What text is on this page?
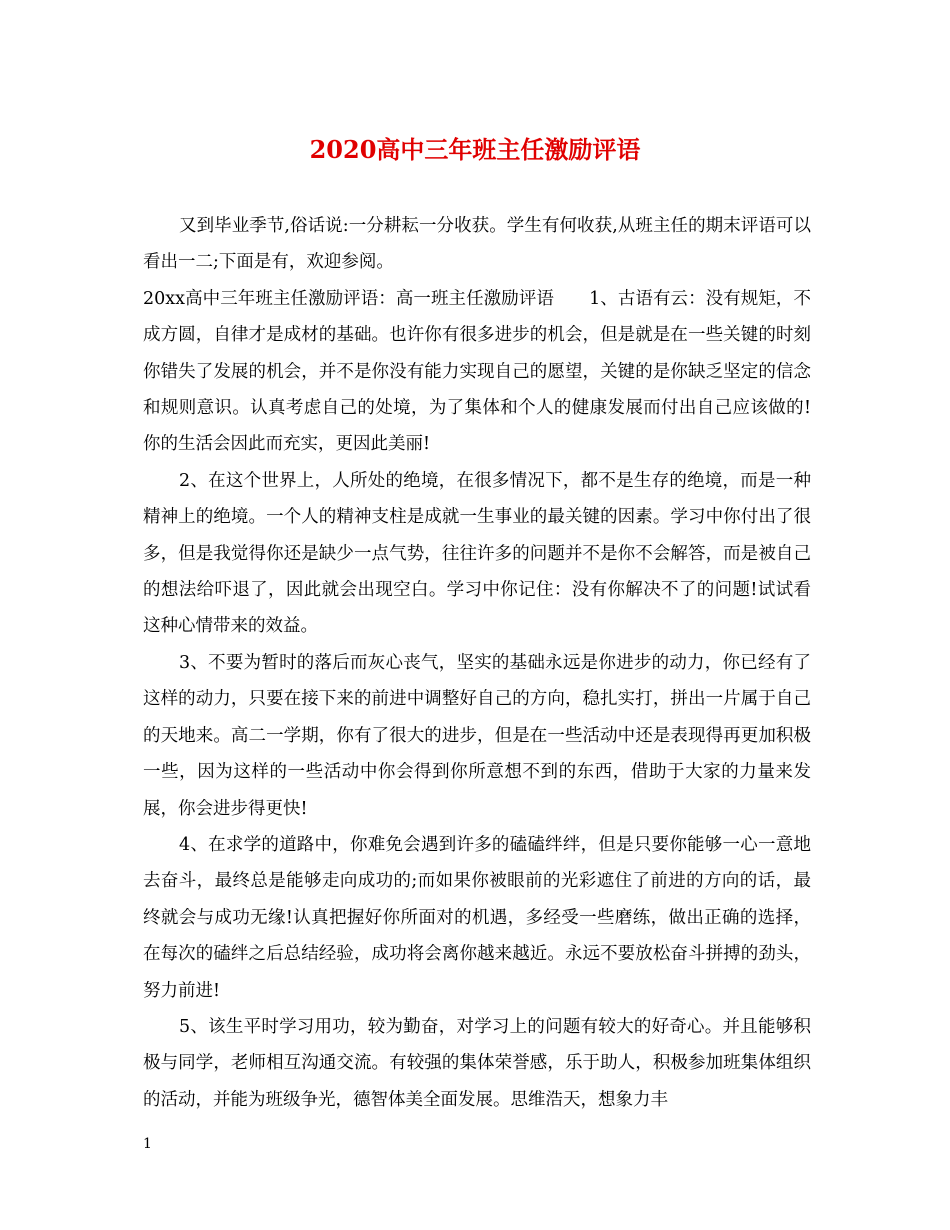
2020高中三年班主任激励评语

又到毕业季节,俗话说:一分耕耘一分收获。学生有何收获,从班主任的期末评语可以看出一二;下面是有，欢迎参阅。

20xx高中三年班主任激励评语：高一班主任激励评语　　1、古语有云：没有规矩，不成方圆，自律才是成材的基础。也许你有很多进步的机会，但是就是在一些关键的时刻你错失了发展的机会，并不是你没有能力实现自己的愿望，关键的是你缺乏坚定的信念和规则意识。认真考虑自己的处境，为了集体和个人的健康发展而付出自己应该做的!你的生活会因此而充实，更因此美丽!

2、在这个世界上，人所处的绝境，在很多情况下，都不是生存的绝境，而是一种精神上的绝境。一个人的精神支柱是成就一生事业的最关键的因素。学习中你付出了很多，但是我觉得你还是缺少一点气势，往往许多的问题并不是你不会解答，而是被自己的想法给吓退了，因此就会出现空白。学习中你记住：没有你解决不了的问题!试试看这种心情带来的效益。

3、不要为暂时的落后而灰心丧气，坚实的基础永远是你进步的动力，你已经有了这样的动力，只要在接下来的前进中调整好自己的方向，稳扎实打，拼出一片属于自己的天地来。高二一学期，你有了很大的进步，但是在一些活动中还是表现得再更加积极一些，因为这样的一些活动中你会得到你所意想不到的东西，借助于大家的力量来发展，你会进步得更快!

4、在求学的道路中，你难免会遇到许多的磕磕绊绊，但是只要你能够一心一意地去奋斗，最终总是能够走向成功的;而如果你被眼前的光彩遮住了前进的方向的话，最终就会与成功无缘!认真把握好你所面对的机遇，多经受一些磨练，做出正确的选择，在每次的磕绊之后总结经验，成功将会离你越来越近。永远不要放松奋斗拼搏的劲头，努力前进!

5、该生平时学习用功，较为勤奋，对学习上的问题有较大的好奇心。并且能够积极与同学，老师相互沟通交流。有较强的集体荣誉感，乐于助人，积极参加班集体组织的活动，并能为班级争光，德智体美全面发展。思维浩天，想象力丰

1
